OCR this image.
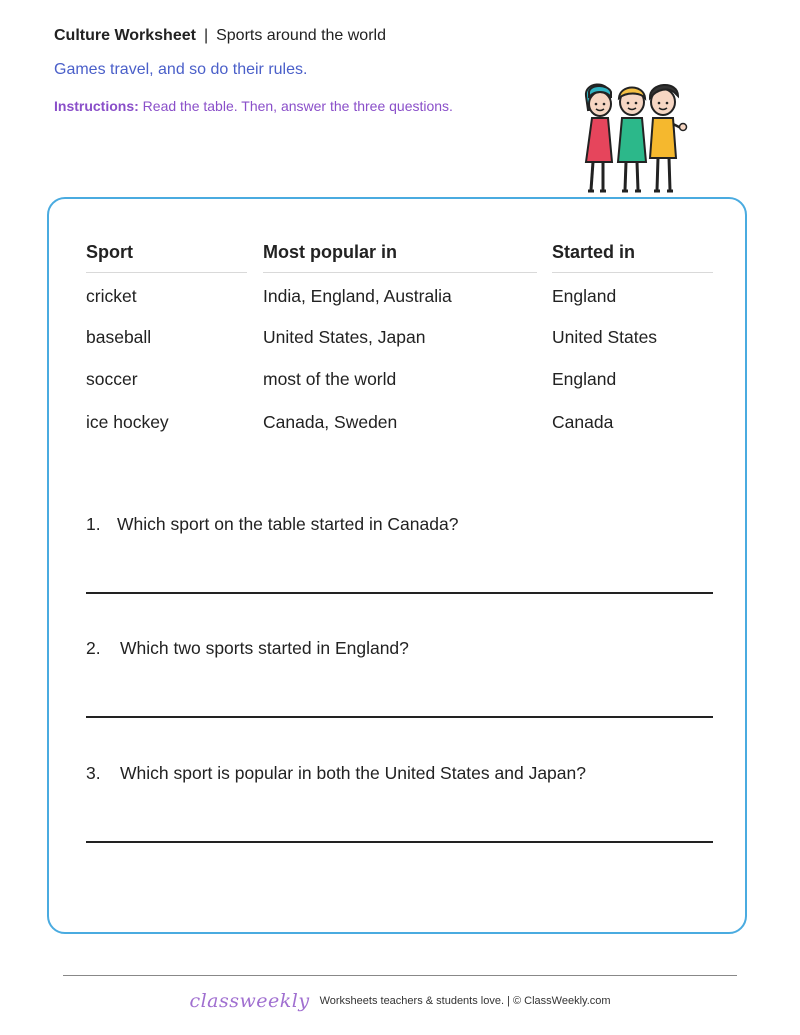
Culture Worksheet | Sports around the world
Games travel, and so do their rules.
Instructions: Read the table. Then, answer the three questions.
Sport	Most popular in	Started in
cricket	India, England, Australia	England
baseball	United States, Japan	United States
soccer	most of the world	England
ice hockey	Canada, Sweden	Canada
1. Which sport on the table started in Canada?
2. Which two sports started in England?
3. Which sport is popular in both the United States and Japan?
classweekly Worksheets teachers & students love. | © ClassWeekly.com
